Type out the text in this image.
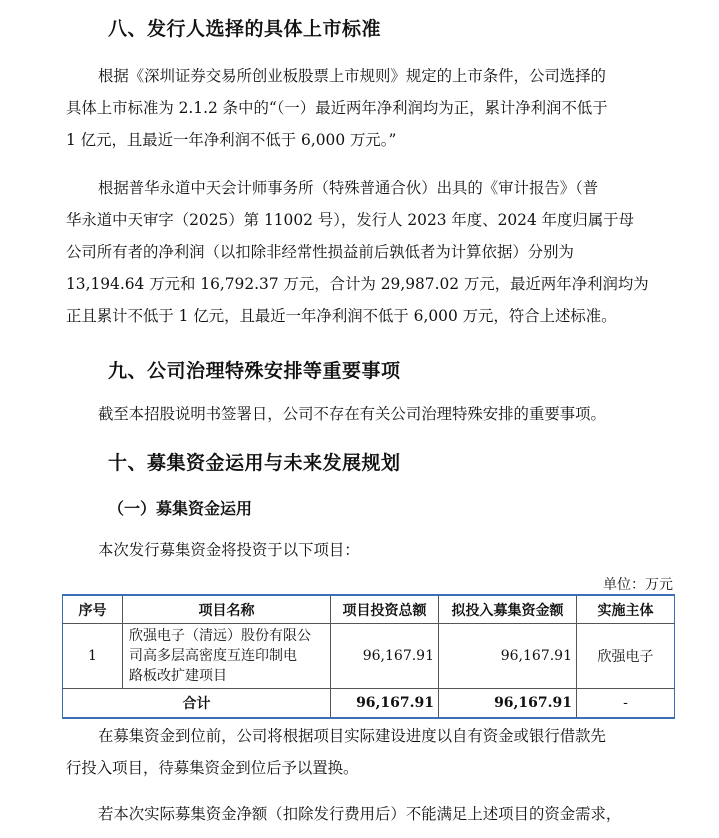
八、发行人选择的具体上市标准
根据《深圳证券交易所创业板股票上市规则》规定的上市条件，公司选择的
具体上市标准为 2.1.2 条中的“（一）最近两年净利润均为正，累计净利润不低于
1 亿元，且最近一年净利润不低于 6,000 万元。”
根据普华永道中天会计师事务所（特殊普通合伙）出具的《审计报告》（普
华永道中天审字（2025）第 11002 号），发行人 2023 年度、2024 年度归属于母
公司所有者的净利润（以扣除非经常性损益前后孰低者为计算依据）分别为
13,194.64 万元和 16,792.37 万元，合计为 29,987.02 万元，最近两年净利润均为
正且累计不低于 1 亿元，且最近一年净利润不低于 6,000 万元，符合上述标准。
九、公司治理特殊安排等重要事项
截至本招股说明书签署日，公司不存在有关公司治理特殊安排的重要事项。
十、募集资金运用与未来发展规划
（一）募集资金运用
本次发行募集资金将投资于以下项目：
单位：万元
序号	项目名称	项目投资总额	拟投入募集资金额	实施主体
1	欣强电子（清远）股份有限公
司高多层高密度互连印制电
路板改扩建项目	96,167.91	96,167.91	欣强电子
合计		96,167.91	96,167.91	-
在募集资金到位前，公司将根据项目实际建设进度以自有资金或银行借款先
行投入项目，待募集资金到位后予以置换。
若本次实际募集资金净额（扣除发行费用后）不能满足上述项目的资金需求，
